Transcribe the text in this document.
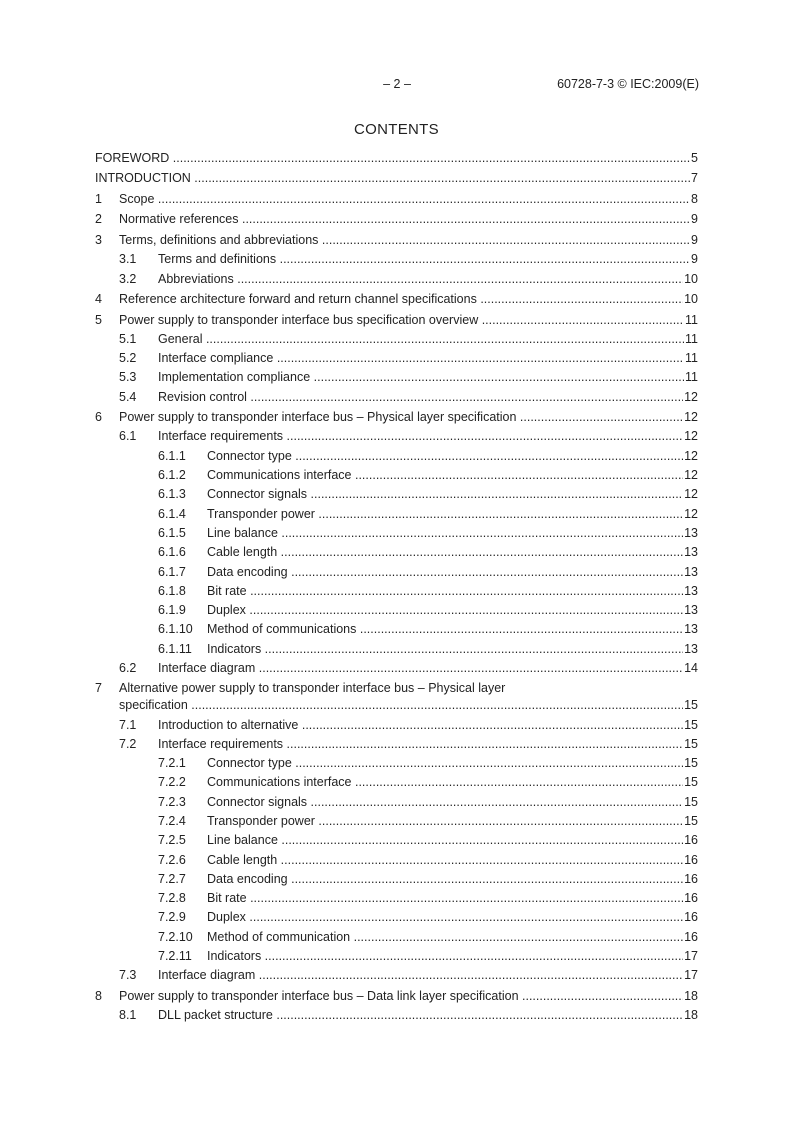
– 2 –	60728-7-3 © IEC:2009(E)
CONTENTS
FOREWORD .....	5
INTRODUCTION .....	7
1 Scope .....	8
2 Normative references .....	9
3 Terms, definitions and abbreviations .....	9
3.1 Terms and definitions .....	9
3.2 Abbreviations .....	10
4 Reference architecture forward and return channel specifications .....	10
5 Power supply to transponder interface bus specification overview .....	11
5.1 General .....	11
5.2 Interface compliance .....	11
5.3 Implementation compliance .....	11
5.4 Revision control .....	12
6 Power supply to transponder interface bus – Physical layer specification .....	12
6.1 Interface requirements .....	12
6.1.1 Connector type .....	12
6.1.2 Communications interface .....	12
6.1.3 Connector signals .....	12
6.1.4 Transponder power .....	12
6.1.5 Line balance .....	13
6.1.6 Cable length .....	13
6.1.7 Data encoding .....	13
6.1.8 Bit rate .....	13
6.1.9 Duplex .....	13
6.1.10 Method of communications .....	13
6.1.11 Indicators .....	13
6.2 Interface diagram .....	14
7 Alternative power supply to transponder interface bus – Physical layer
specification .....	15
7.1 Introduction to alternative .....	15
7.2 Interface requirements .....	15
7.2.1 Connector type .....	15
7.2.2 Communications interface .....	15
7.2.3 Connector signals .....	15
7.2.4 Transponder power .....	15
7.2.5 Line balance .....	16
7.2.6 Cable length .....	16
7.2.7 Data encoding .....	16
7.2.8 Bit rate .....	16
7.2.9 Duplex .....	16
7.2.10 Method of communication .....	16
7.2.11 Indicators .....	17
7.3 Interface diagram .....	17
8 Power supply to transponder interface bus – Data link layer specification .....	18
8.1 DLL packet structure .....	18
